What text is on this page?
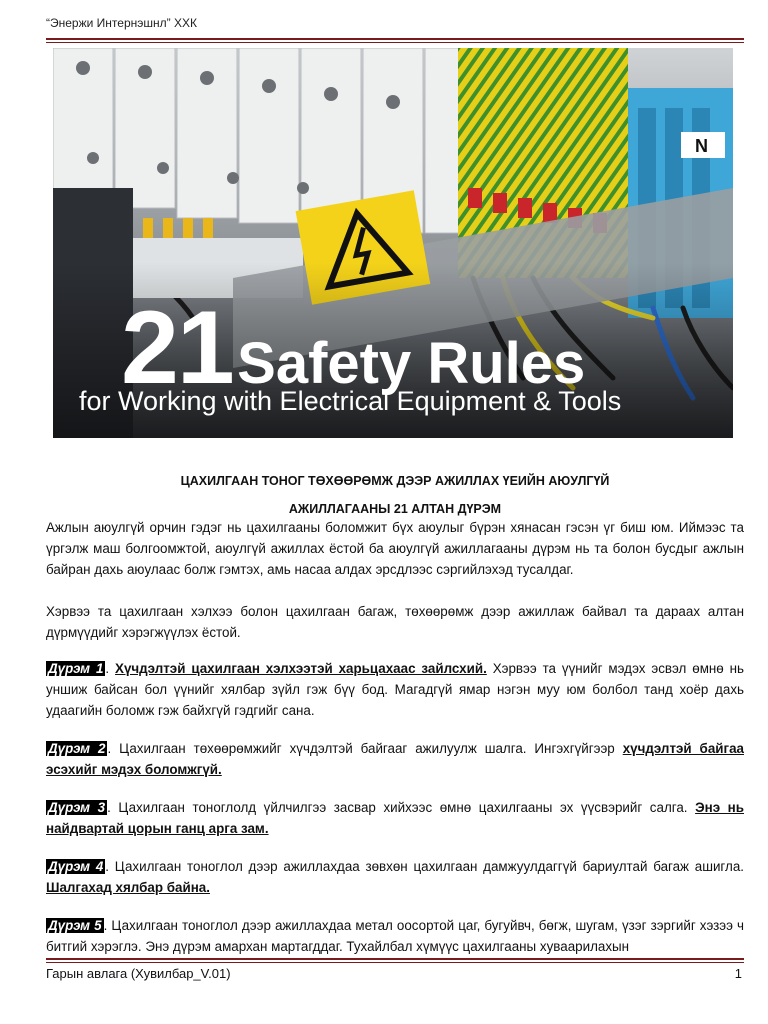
“Энержи Интернэшнл” ХХК
21 Safety Rules
for Working with Electrical Equipment & Tools
ЦАХИЛГААН ТОНОГ ТӨХӨӨРӨМЖ ДЭЭР АЖИЛЛАХ ҮЕИЙН АЮУЛГҮЙ
АЖИЛЛАГААНЫ 21 АЛТАН ДҮРЭМ
Ажлын аюулгүй орчин гэдэг нь цахилгааны боломжит бүх аюулыг бүрэн хянасан гэсэн үг биш юм. Иймээс та үргэлж маш болгоомжтой, аюулгүй ажиллах ёстой ба аюулгүй ажиллагааны дүрэм нь та болон бусдыг ажлын байран дахь аюулаас болж гэмтэх, амь насаа алдах эрсдлээс сэргийлэхэд тусалдаг.
Хэрвээ та цахилгаан хэлхээ болон цахилгаан багаж, төхөөрөмж дээр ажиллаж байвал та дараах алтан дүрмүүдийг хэрэгжүүлэх ёстой.
Дүрэм 1 . Хүчдэлтэй цахилгаан хэлхээтэй харьцахаас зайлсхий. Хэрвээ та үүнийг мэдэх эсвэл өмнө нь уншиж байсан бол үүнийг хялбар зүйл гэж бүү бод. Магадгүй ямар нэгэн муу юм болбол танд хоёр дахь удаагийн боломж гэж байхгүй гэдгийг сана.
Дүрэм 2 . Цахилгаан төхөөрөмжийг хүчдэлтэй байгааг ажилуулж шалга. Ингэхгүйгээр хүчдэлтэй байгаа эсэхийг мэдэх боломжгүй.
Дүрэм 3 . Цахилгаан тоноглолд үйлчилгээ засвар хийхээс өмнө цахилгааны эх үүсвэрийг салга. Энэ нь найдвартай цорын ганц арга зам.
Дүрэм 4 . Цахилгаан тоноглол дээр ажиллахдаа зөвхөн цахилгаан дамжуулдаггүй бариултай багаж ашигла. Шалгахад хялбар байна.
Дүрэм 5 . Цахилгаан тоноглол дээр ажиллахдаа метал оосортой цаг, бугуйвч, бөгж, шугам, үзэг зэргийг хэзээ ч битгий хэрэглэ. Энэ дүрэм амархан мартагддаг. Тухайлбал хүмүүс цахилгааны хуваарилахын
Гарын авлага (Хувилбар_V.01)	1
